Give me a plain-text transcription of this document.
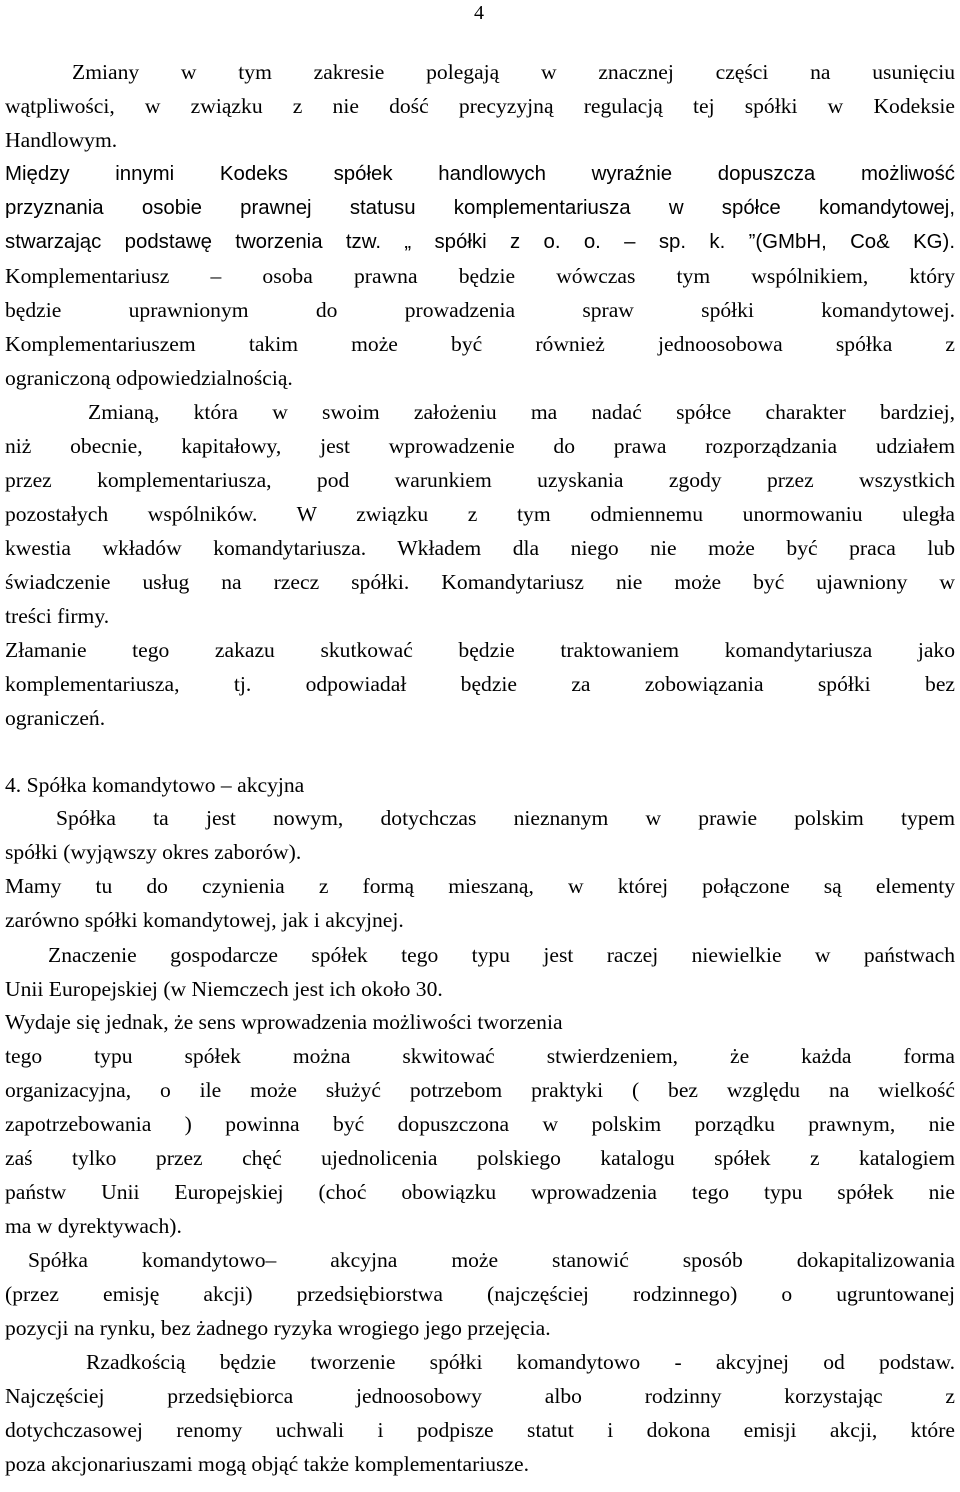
4
Zmiany w tym zakresie polegają w znacznej części na usunięciu
wątpliwości, w związku z nie dość precyzyjną regulacją tej spółki w Kodeksie
Handlowym.
Między innymi Kodeks spółek handlowych wyraźnie dopuszcza możliwość
przyznania osobie prawnej statusu komplementariusza w spółce komandytowej,
stwarzając podstawę tworzenia tzw. „ spółki z o. o. – sp. k. ”(GMbH, Co& KG).
Komplementariusz – osoba prawna będzie wówczas tym wspólnikiem, który
będzie uprawnionym do prowadzenia spraw spółki komandytowej.
Komplementariuszem takim może być również jednoosobowa spółka z
ograniczoną odpowiedzialnością.
Zmianą, która w swoim założeniu ma nadać spółce charakter bardziej,
niż obecnie, kapitałowy, jest wprowadzenie do prawa rozporządzania udziałem
przez komplementariusza, pod warunkiem uzyskania zgody przez wszystkich
pozostałych wspólników. W związku z tym odmiennemu unormowaniu uległa
kwestia wkładów komandytariusza. Wkładem dla niego nie może być praca lub
świadczenie usług na rzecz spółki. Komandytariusz nie może być ujawniony w
treści firmy.
Złamanie tego zakazu skutkować będzie traktowaniem komandytariusza jako
komplementariusza, tj. odpowiadał będzie za zobowiązania spółki bez
ograniczeń.
4. Spółka komandytowo – akcyjna
Spółka ta jest nowym, dotychczas nieznanym w prawie polskim typem
spółki (wyjąwszy okres zaborów).
Mamy tu do czynienia z formą mieszaną, w której połączone są elementy
zarówno spółki komandytowej, jak i akcyjnej.
Znaczenie gospodarcze spółek tego typu jest raczej niewielkie w państwach
Unii Europejskiej (w Niemczech jest ich około 30.
Wydaje się jednak, że sens wprowadzenia możliwości tworzenia
tego typu spółek można skwitować stwierdzeniem, że każda forma
organizacyjna, o ile może służyć potrzebom praktyki ( bez względu na wielkość
zapotrzebowania ) powinna być dopuszczona w polskim porządku prawnym, nie
zaś tylko przez chęć ujednolicenia polskiego katalogu spółek z katalogiem
państw Unii Europejskiej (choć obowiązku wprowadzenia tego typu spółek nie
ma w dyrektywach).
Spółka komandytowo– akcyjna może stanowić sposób dokapitalizowania
(przez emisję akcji) przedsiębiorstwa (najczęściej rodzinnego) o ugruntowanej
pozycji na rynku, bez żadnego ryzyka wrogiego jego przejęcia.
Rzadkością będzie tworzenie spółki komandytowo - akcyjnej od podstaw.
Najczęściej przedsiębiorca jednoosobowy albo rodzinny korzystając z
dotychczasowej renomy uchwali i podpisze statut i dokona emisji akcji, które
poza akcjonariuszami mogą objąć także komplementariusze.
